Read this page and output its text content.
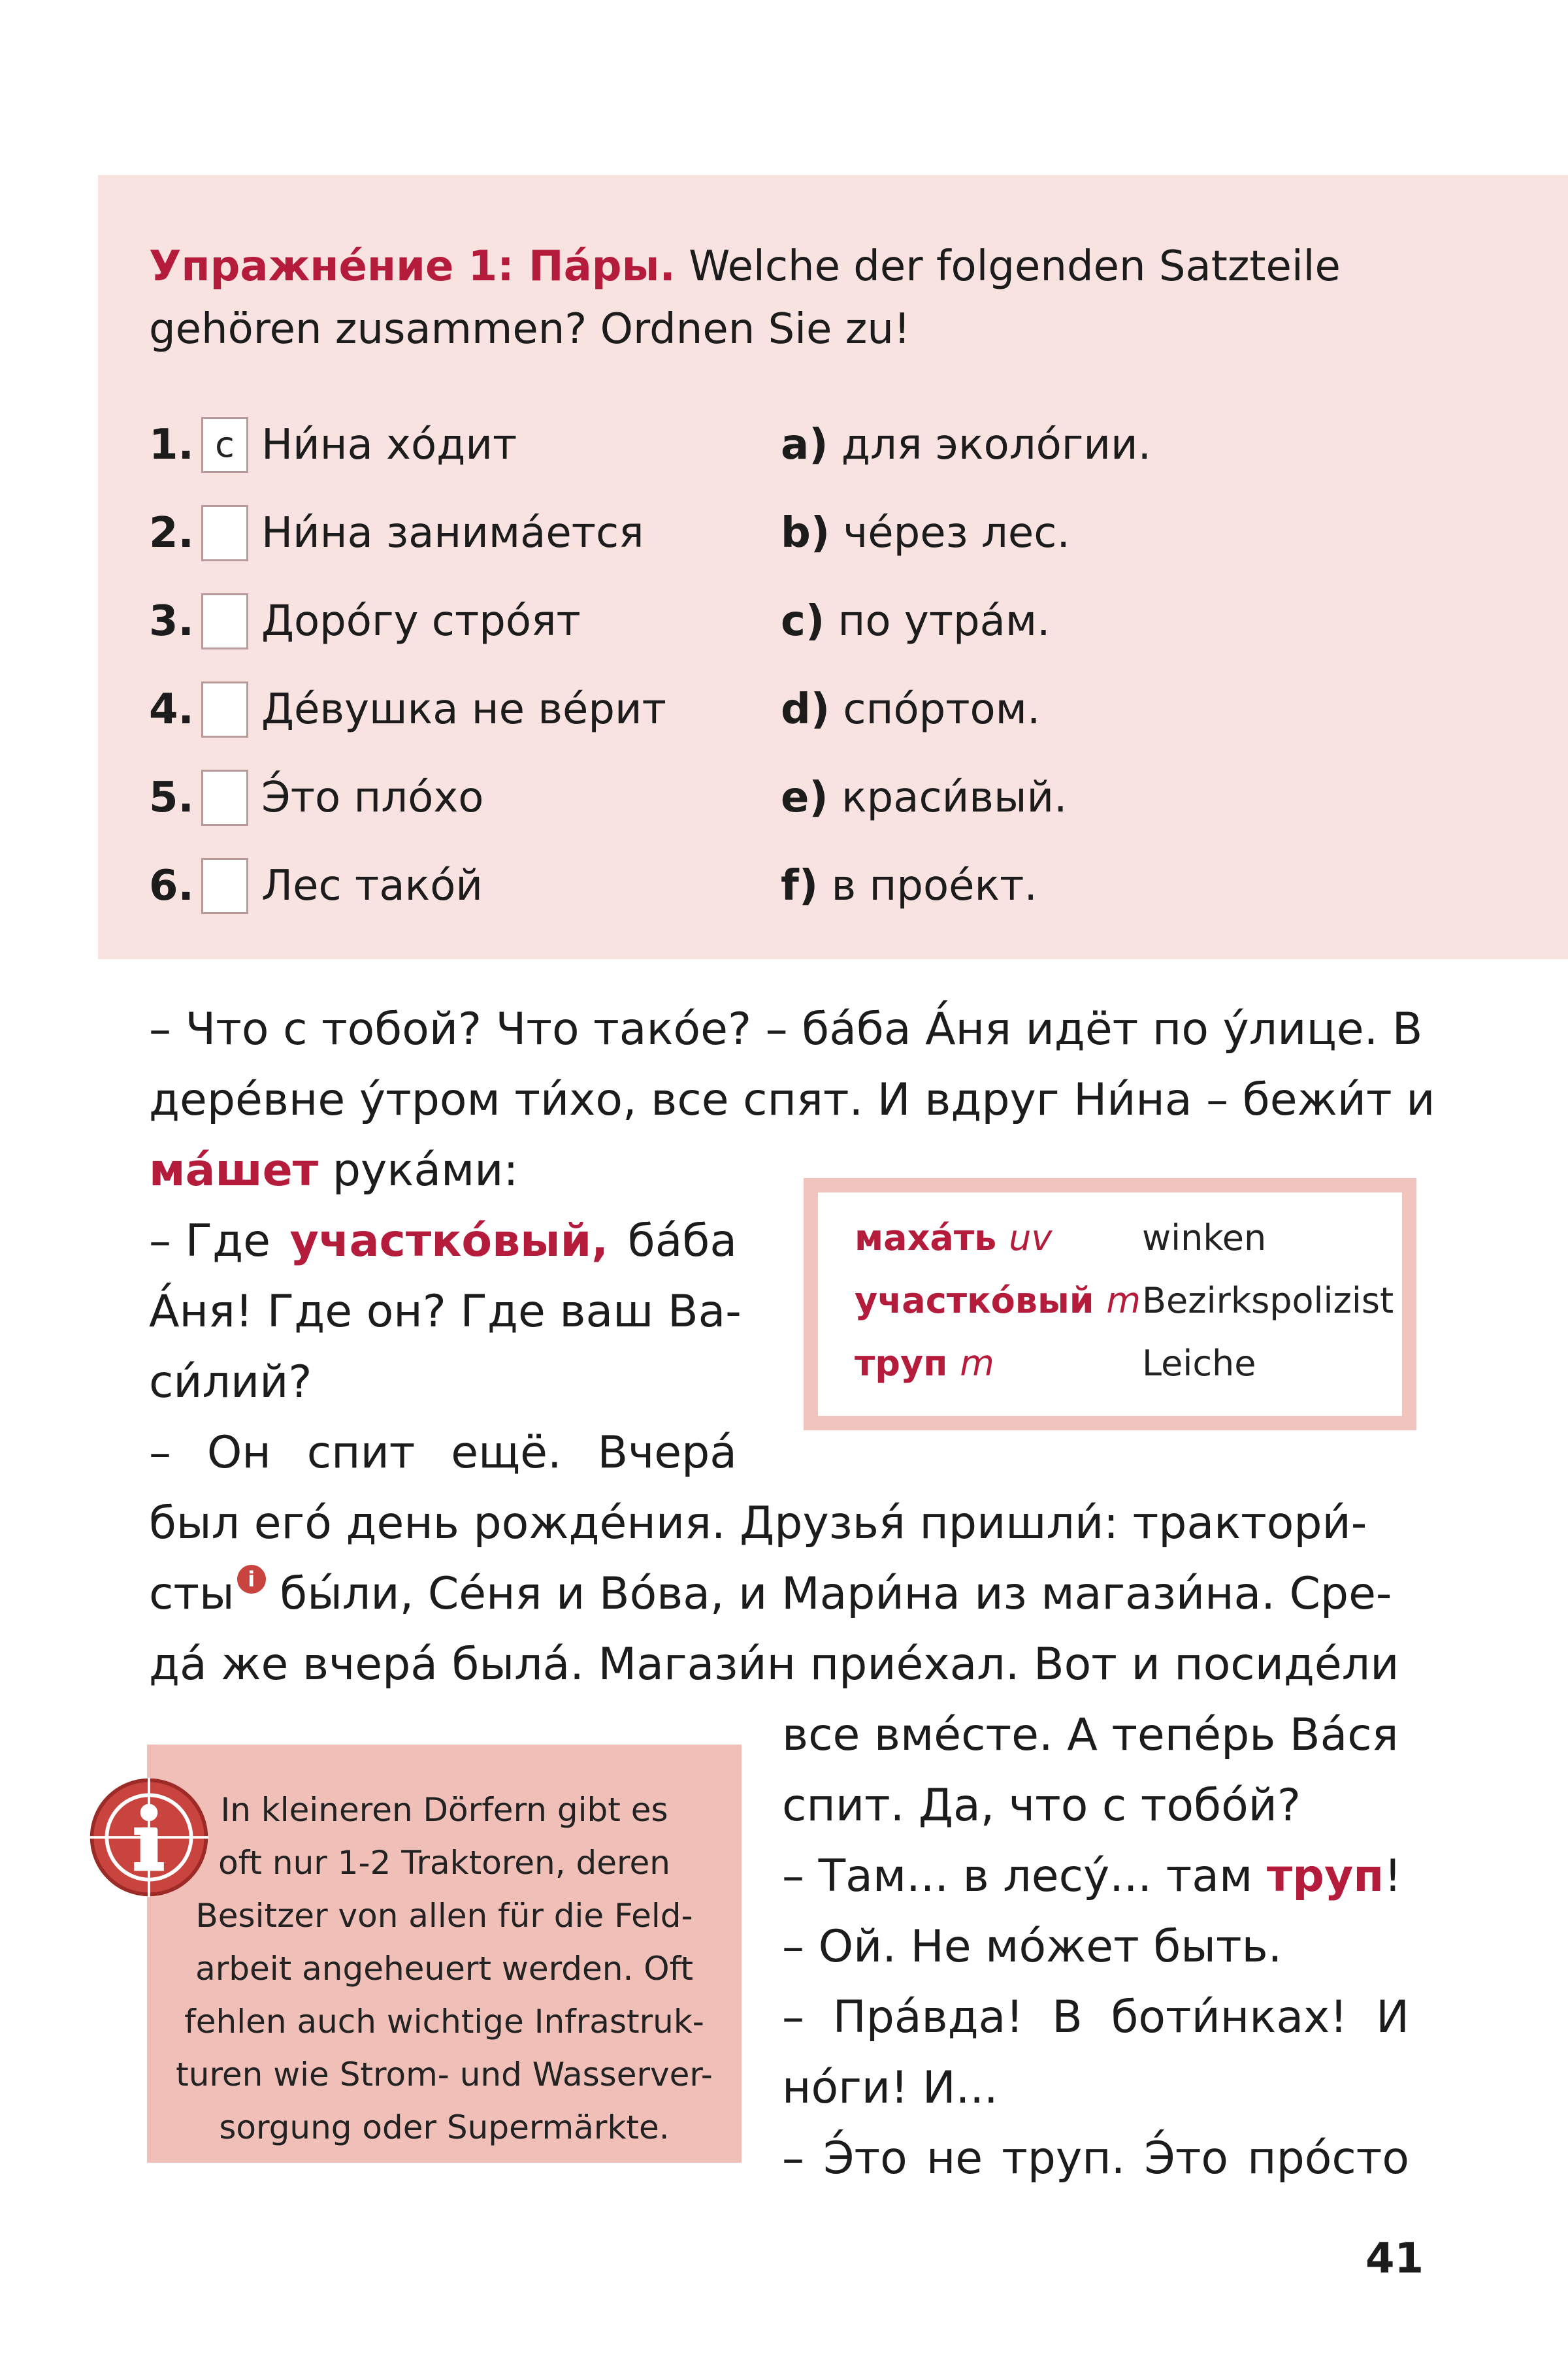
Упражне́ние 1: Па́ры. Welche der folgenden Satzteile gehören zusammen? Ordnen Sie zu!
1. c Ни́на хо́дит
2. Ни́на занима́ется
3. Доро́гу стро́ят
4. Де́вушка не ве́рит
5. Э́то пло́хо
6. Лес тако́й
a)
для эколо́гии.
b)
че́рез лес.
c)
по утра́м.
d)
спо́ртом.
e)
краси́вый.
f)
в прое́кт.
– Что с тобой? Что тако́е? – ба́ба А́ня идёт по у́лице. В
дере́вне у́тром ти́хо, все спят. И вдруг Ни́на – бежи́т и
ма́шет рука́ми:
– Где участко́вый, ба́ба
А́ня! Где он? Где ваш Ва-
си́лий?
– Он спит ещё. Вчера́
был его́ день рожде́ния. Друзья́ пришли́: трактори́-
сты i бы́ли, Се́ня и Во́ва, и Мари́на из магази́на. Сре-
да́ же вчера́ была́. Магази́н прие́хал. Вот и посиде́ли
все вме́сте. А тепе́рь Ва́ся
спит. Да, что с тобо́й?
– Там... в лесу́... там труп!
– Ой. Не мо́жет быть.
– Пра́вда! В боти́нках! И
но́ги! И...
– Э́то не труп. Э́то про́сто
маха́ть uv	winken
участко́вый mBezirkspolizist
труп m	Leiche
In kleineren Dörfern gibt es
oft nur 1-2 Traktoren, deren
Besitzer von allen für die Feld-
arbeit angeheuert werden. Oft
fehlen auch wichtige Infrastruk-
turen wie Strom- und Wasserver-
sorgung oder Supermärkte.
41
